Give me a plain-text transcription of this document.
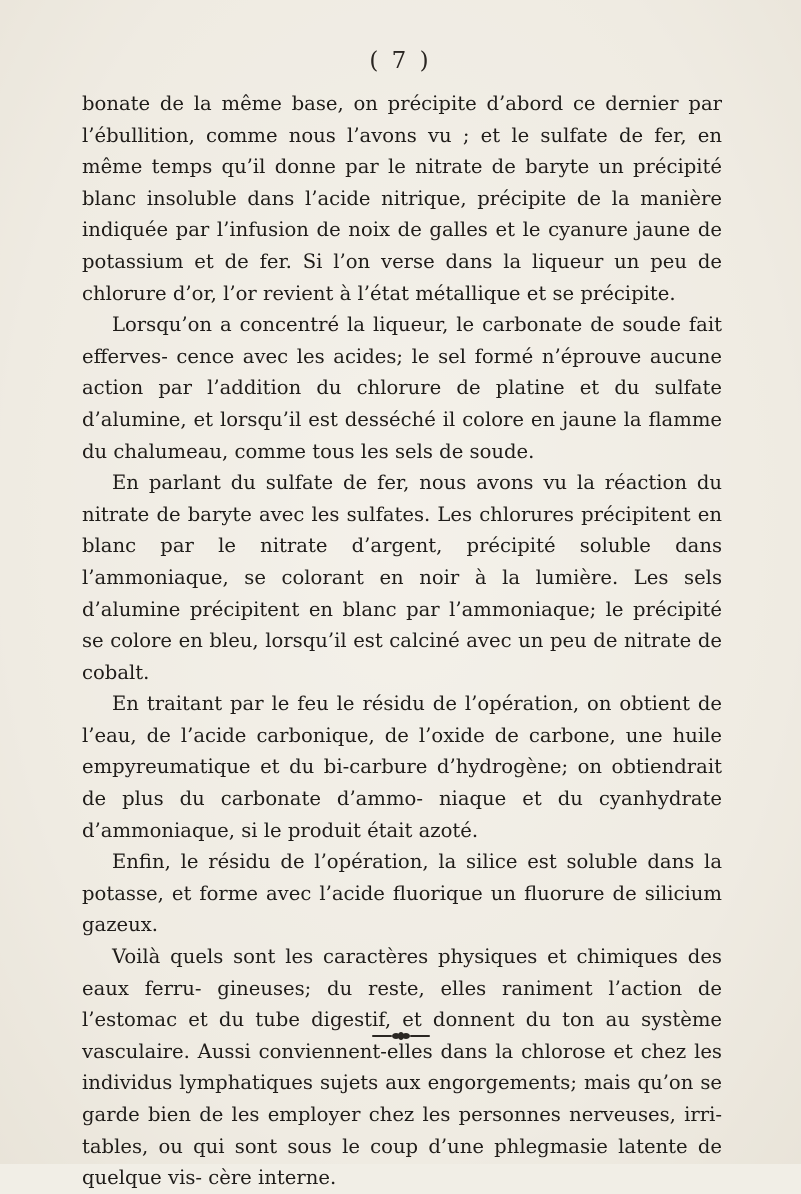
( 7 )

bonate de la même base, on précipite d’abord ce dernier par l’ébullition, comme nous l’avons vu ; et le sulfate de fer, en même temps qu’il donne par le nitrate de baryte un précipité blanc insoluble dans l’acide nitrique, précipite de la manière indiquée par l’infusion de noix de galles et le cyanure jaune de potassium et de fer. Si l’on verse dans la liqueur un peu de chlorure d’or, l’or revient à l’état métallique et se précipite.

Lorsqu’on a concentré la liqueur, le carbonate de soude fait efferves- cence avec les acides; le sel formé n’éprouve aucune action par l’addition du chlorure de platine et du sulfate d’alumine, et lorsqu’il est desséché il colore en jaune la flamme du chalumeau, comme tous les sels de soude.

En parlant du sulfate de fer, nous avons vu la réaction du nitrate de baryte avec les sulfates. Les chlorures précipitent en blanc par le nitrate d’argent, précipité soluble dans l’ammoniaque, se colorant en noir à la lumière. Les sels d’alumine précipitent en blanc par l’ammoniaque; le précipité se colore en bleu, lorsqu’il est calciné avec un peu de nitrate de cobalt.

En traitant par le feu le résidu de l’opération, on obtient de l’eau, de l’acide carbonique, de l’oxide de carbone, une huile empyreumatique et du bi-carbure d’hydrogène; on obtiendrait de plus du carbonate d’ammo- niaque et du cyanhydrate d’ammoniaque, si le produit était azoté.

Enfin, le résidu de l’opération, la silice est soluble dans la potasse, et forme avec l’acide fluorique un fluorure de silicium gazeux.

Voilà quels sont les caractères physiques et chimiques des eaux ferru- gineuses; du reste, elles raniment l’action de l’estomac et du tube digestif, et donnent du ton au système vasculaire. Aussi conviennent-elles dans la chlorose et chez les individus lymphatiques sujets aux engorgements; mais qu’on se garde bien de les employer chez les personnes nerveuses, irri- tables, ou qui sont sous le coup d’une phlegmasie latente de quelque vis- cère interne.
